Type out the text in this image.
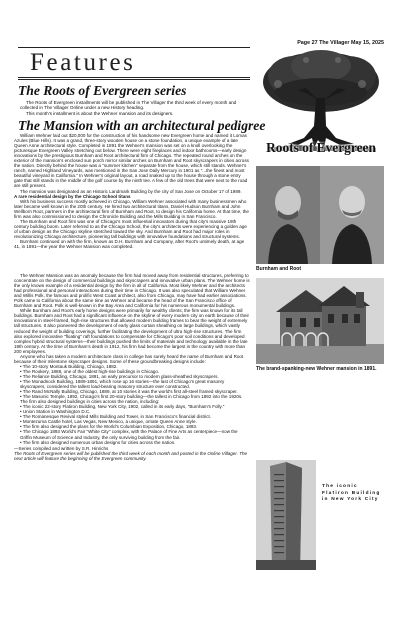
Page 27 The Villager May 15, 2025
Features
Roots of Evergreen
The Roots of Evergreen series

The Roots of Evergreen installments will be published in The Villager the third week of every month and collected in The Villager Online under a new History heading.

This month's installment is about the Wehner mansion and its designers.

The Mansion with an architectural pedigree

William Wehner laid out $20,000 for the construction of his handsome new Evergreen home and named it Lomas Azules (Blue Hills). It was a grand, three-story wooden house on a stone foundation, a unique example of a late Queen Anne architectural style. Completed in 1891 the Wehner's mansion was set on a knoll overlooking the picturesque Evergreen Valley stretching out below. There were eight fireplaces and indoor bathrooms—early design innovations by the prestigious Burnham and Root architectural firm of Chicago. The repeated round arches on the exterior of the mansion's enclosed sun porch mirror similar arches on Burnham and Root skyscrapers in cities across the nation. Directly behind the house was a "summer kitchen" separate from the house, which still stands. Wehner's ranch, named Highland Vineyards, was mentioned in the San Jose Daily Mercury in 1901 as "...the finest and most beautiful vineyard in California." In Wehner's original layout, a road snaked up to the house through a stone entry gate that still stands in the middle of the golf course by the ninth tee. A few of the old trees that were next to the road are still present.

The mansion was designated as an Historic Landmark Building by the city of San Jose on October 17 of 1989.

A rare residential design by the Chicago School titans

With his business success mostly achieved in Chicago, William Wehner associated with many businessmen who later became well known in the 20th century. He hired two architectural titans, Daniel Hudson Burnham and John Wellborn Root, partners in the architectural firm of Burnham and Root, to design his California home. At that time, the firm was also commissioned to design the Chronicle Building and the Mills Building in San Francisco.

The Burnham and Root firm was one of Chicago's most influential innovators during that city's massive 19th century building boom. Later referred to as the Chicago School, the city's architects were experiencing a golden age of urban design as the Chicago skyline stretched toward the sky. And Burnham and Root had major roles in revolutionizing Chicago architecture, pioneering tall buildings with innovative foundations and structural systems.

Burnham continued on with the firm, known as D.H. Burnham and Company, after Root's untimely death, at age 41, in 1891—the year the Wehner Mansion was completed.

The Wehner Mansion was an anomaly because the firm had moved away from residential structures, preferring to concentrate on the design of commercial buildings and skyscrapers and innovative urban plans. The Wehner home is the only known example of a residential design by the firm in all of California. Most likely Wehner and the architects had professional and personal interactions during their time in Chicago. It was also speculated that William Wehner and Willis Polk, the famous and prolific West Coast architect, also from Chicago, may have had earlier associations. Polk came to California about the same time as Wehner and became the head of the San Francisco office of Burnham and Root. Polk is well-known in the Bay Area and California for his numerous monumental buildings.

While Burnham and Root's early home designs were primarily for wealthy clients, the firm was known for its tall buildings. Burnham and Root had a significant influence on the skyline of every modern city on earth because of their innovations in steel-framed, high-rise structures that allowed modern building frames to bear the weight of extremely tall structures. It also pioneered the development of early glass curtain sheathing on large buildings, which vastly reduced the weight of building coverings, further facilitating the development of ultra high-rise structures. The firm also explored innovative "floating" raft foundations to compensate for Chicago's poor soil conditions and developed complex hybrid structural systems—their buildings pushed the limits of materials and technology available in the late 19th century. At the time of Burnham's death in 1912, his firm had become the largest in the country with more than 200 employees.

Anyone who has taken a modern architecture class in college has surely heard the name of Burnham and Root because of their milestone skyscraper designs. Some of these groundbreaking designs include:

• The 10-story Montauk Building, Chicago, 1882.
• The Rookery, 1888, one of the oldest high-rise buildings in Chicago.
• The Reliance Building, Chicago, 1891, an early precursor to modern glass-sheathed skyscrapers.
• The Monadnock Building, 1889-1891, which rose up 16 stories—the last of Chicago's great masonry skyscrapers, considered the tallest load-bearing masonry structure ever constructed.
• The Rand McNally Building, Chicago, 1889, at 10 stories it was the world's first all-steel framed skyscraper.
• The Masonic Temple, 1892, Chicago's first 20-story building—the tallest in Chicago from 1892 into the 1920s.

The firm also designed buildings in cities across the nation, including:

• The iconic 22-story Flatiron Building, New York City, 1902, called in its early days, "Burnham's Folly."
• Union Station in Washington D.C.
• The Romanesque Revival styled Mills Building and Tower, in San Francisco's financial district.
• Montezuma Castle hotel, Las Vegas, New Mexico, a unique, ornate Queen Anne style.
• The firm also designed the plans for the World's Columbian Exposition, Chicago, 1893.
• The Chicago 1893 World's Fair "White City" complex, with the Palace of Fine Arts as centerpiece—now the Griffin Museum of Science and Industry, the only surviving building from the fair.
• The firm also designed numerous urban designs for cities across the nation.

—Series compiled and written by S.R. Hinrichs

The Roots of Evergreen series will be published the third week of each month and posted in the Online Villager. The next article will feature the beginning of the Evergreen community.

Burnham and Root
The brand-spanking-new Wehner mansion in 1891.
The iconic Flatiron Building in New York City
